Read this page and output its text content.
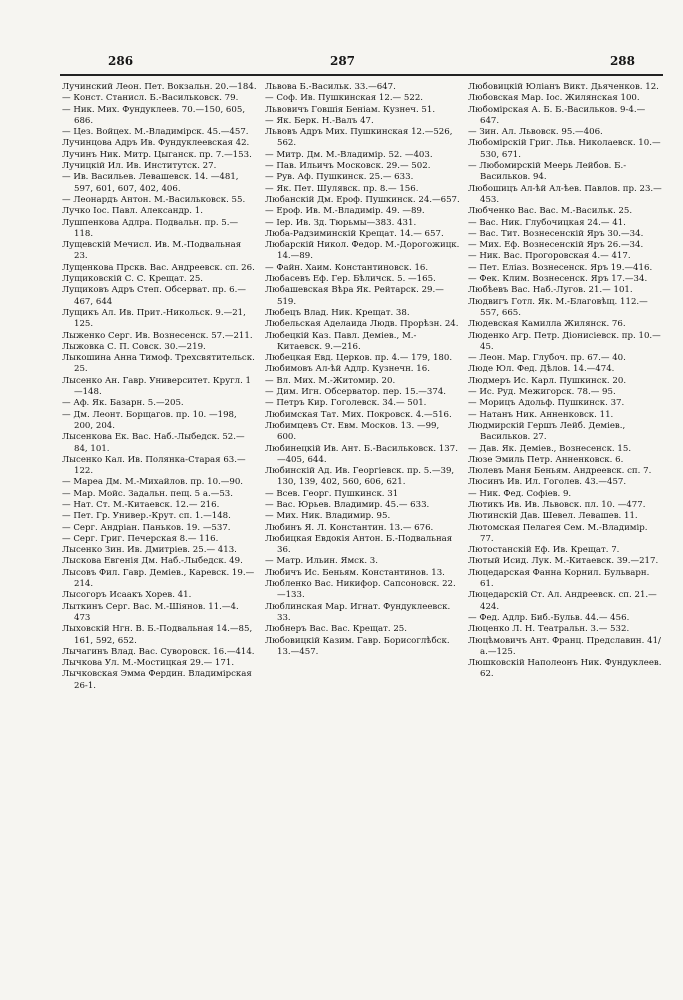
286	287	288

Лучинский Леон. Пет. Вокзальн. 20.—184.

— Конст. Станисл. Б.-Васильковск. 79.

— Ник. Мих. Фундуклеев. 70.—150, 605, 686.

— Цез. Войцех. М.-Владимірск. 45.—457.

Лучинцова Адръ Ив. Фундуклеевская 42.

Лучинъ Ник. Митр. Цыганск. пр. 7.—153.

Лучицкій Ил. Ив. Институтск. 27.

— Ив. Васильев. Левашевск. 14. —481, 597, 601, 607, 402, 406.

— Леонардъ Антон. М.-Васильковск. 55.

Лучко Іос. Павл. Александр. 1.

Лушпенкова Адлра. Подвальн. пр. 5.—118.

Лущевскій Мечисл. Ив. М.-Подвальная 23.

Лущенкова Прскв. Вас. Андреевск. сп. 26.

Лущиковскій С. С. Крещат. 25.

Лущиковъ Адръ Степ. Обсерват. пр. 6.—467, 644

Лущикъ Ал. Ив. Прит.-Никольск. 9.—21, 125.

Лыженко Серг. Ив. Вознесенск. 57.—211.

Лыжовка С. П. Совск. 30.—219.

Лыкошина Анна Тимоф. Трехсвятительск. 25.

Лысенко Ан. Гавр. Университет. Кругл. 1—148.

— Аф. Як. Базарн. 5.—205.

— Дм. Леонт. Борщагов. пр. 10. —198, 200, 204.

Лысенкова Ек. Вас. Наб.-Лыбедск. 52.—84, 101.

Лысенко Кал. Ив. Полянка-Старая 63.—122.

— Мареа Дм. М.-Михайлов. пр. 10.—90.

— Мар. Мойс. Задальн. пещ. 5 а.—53.

— Нат. Ст. М.-Китаевск. 12.— 216.

— Пет. Гр. Универ.-Крут. сп. 1.—148.

— Серг. Андріан. Паньков. 19. —537.

— Серг. Григ. Печерская 8.— 116.

Лысенко Зин. Ив. Дмитріев. 25.— 413.

Лыскова Евгенія Дм. Наб.-Лыбедск. 49.

Лысовъ Фил. Гавр. Деміев., Каревск. 19.—214.

Лысогоръ Исаакъ Хорев. 41.

Лыткинъ Серг. Вас. М.-Шіянов. 11.—4. 473

Лыховскій Нгн. В. Б.-Подвальная 14.—85, 161, 592, 652.

Лычагинъ Влад. Вас. Суворовск. 16.—414.

Лычкова Ул. М.-Мостицкая 29.— 171.

Лычковская Эмма Фердин. Владимірская 26-1.

Львова Б.-Васильк. 33.—647.

— Соф. Ив. Пушкинская 12.— 522.

Львовичъ Говшія Беніам. Кузнеч. 51.

— Як. Берк. Н.-Валъ 47.

Львовъ Адръ Мих. Пушкинская 12.—526, 562.

— Митр. Дм. М.-Владимір. 52. —403.

— Пав. Ильичъ Московск. 29.— 502.

— Рув. Аф. Пушкинск. 25.— 633.

— Як. Пет. Шулявск. пр. 8.— 156.

Любанскій Дм. Ероф. Пушкинск. 24.—657.

— Ероф. Ив. М.-Владимір. 49. —89.

— Іер. Ив. Зд. Тюрьмы—383. 431.

Люба-Радзиминскій Крещат. 14.— 657.

Любарскій Никол. Федор. М.-Дорогожицк. 14.—89.

— Файн. Хаим. Константиновск. 16.

Любасевъ Еф. Гер. Бѣличск. 5. —165.

Любашевская Вѣра Як. Рейтарск. 29.—519.

Любецъ Влад. Ник. Крещат. 38.

Любельская Аделаида Людв. Прорѣзн. 24.

Любецкій Каз. Павл. Деміев., М.-Китаевск. 9.—216.

Любецкая Евд. Церков. пр. 4.— 179, 180.

Любимовъ Ал-ѣй Адлр. Кузнечн. 16.

— Вл. Мих. М.-Житомир. 20.

— Дим. Игн. Обсерватор. пер. 15.—374.

— Петръ Кир. Гоголевск. 34.— 501.

Любимская Тат. Мих. Покровск. 4.—516.

Любимцевъ Ст. Евм. Москов. 13. —99, 600.

Любинецкій Ив. Ант. Б.-Васильковск. 137.—405, 644.

Любинскій Ад. Ив. Георгіевск. пр. 5.—39, 130, 139, 402, 560, 606, 621.

— Всев. Георг. Пушкинск. 31

— Вас. Юрьев. Владимир. 45.— 633.

— Мих. Ник. Владимир. 95.

Любинъ Я. Л. Константин. 13.— 676.

Любицкая Евдокія Антон. Б.-Подвальная 36.

— Матр. Ильин. Ямск. 3.

Любичъ Ис. Беньям. Константинов. 13.

Любленко Вас. Никифор. Сапсоновск. 22.—133.

Люблинская Мар. Игнат. Фундуклеевск. 33.

Любнеръ Вас. Вас. Крещат. 25.

Любовицкій Казим. Гавр. Борисоглѣбск. 13.—457.

Любовицкій Юліанъ Викт. Дьяченков. 12.

Любовская Мар. Іос. Жилянская 100.

Любомірская А. Б. Б.-Васильков. 9-4.—647.

— Зин. Ал. Львовск. 95.—406.

Любомірскій Григ. Льв. Николаевск. 10.—530, 671.

— Любомирскій Меерь Лейбов. Б.-Васильков. 94.

Любошицъ Ал-ѣй Ал-ѣев. Павлов. пр. 23.—453.

Любченко Вас. Вас. М.-Васильк. 25.

— Вас. Ник. Глубочицкая 24.— 41.

— Вас. Тит. Вознесенскій Яръ 30.—34.

— Мих. Еф. Вознесенскій Яръ 26.—34.

— Ник. Вас. Прогоровская 4.— 417.

— Пет. Еліаз. Вознесенск. Яръ 19.—416.

— Фек. Клим. Вознесенск. Яръ 17.—34.

Любѣевъ Вас. Наб.-Лугов. 21.— 101.

Людвигъ Готл. Як. М.-Благовѣщ. 112.—557, 665.

Людевская Камилла Жилянск. 76.

Люденко Агр. Петр. Діонисіевск. пр. 10.—45.

— Леон. Мар. Глубоч. пр. 67.— 40.

Люде Юл. Фед. Дѣлов. 14.—474.

Людмеръ Ис. Карл. Пушкинск. 20.

— Ис. Руд. Межигорск. 78.— 95.

— Морицъ Адольф. Пушкинск. 37.

— Натанъ Ник. Анненковск. 11.

Людмирскій Гершъ Лейб. Деміев., Васильков. 27.

— Дав. Як. Деміев., Вознесенск. 15.

Люзе Эмиль Петр. Анненковск. 6.

Люлевъ Маня Беньям. Андреевск. сп. 7.

Люсинъ Ив. Ил. Гоголев. 43.—457.

— Ник. Фед. Софіев. 9.

Лютикъ Ив. Ив. Львовск. пл. 10. —477.

Лютинскій Дав. Шевел. Левашев. 11.

Лютомская Пелагея Сем. М.-Владимір. 77.

Лютостанскій Еф. Ив. Крещат. 7.

Лютый Исид. Лук. М.-Китаевск. 39.—217.

Люцедарская Фанна Корнил. Бульварн. 61.

Люцедарскій Ст. Ал. Андреевск. сп. 21.—424.

— Фед. Адлр. Биб.-Бульв. 44.— 456.

Люценко Л. Н. Театральн. 3.— 532.

Люцѣмовичъ Ант. Франц. Предславин. 41/а.—125.

Люшковскій Наполеонъ Ник. Фундуклеев. 62.
